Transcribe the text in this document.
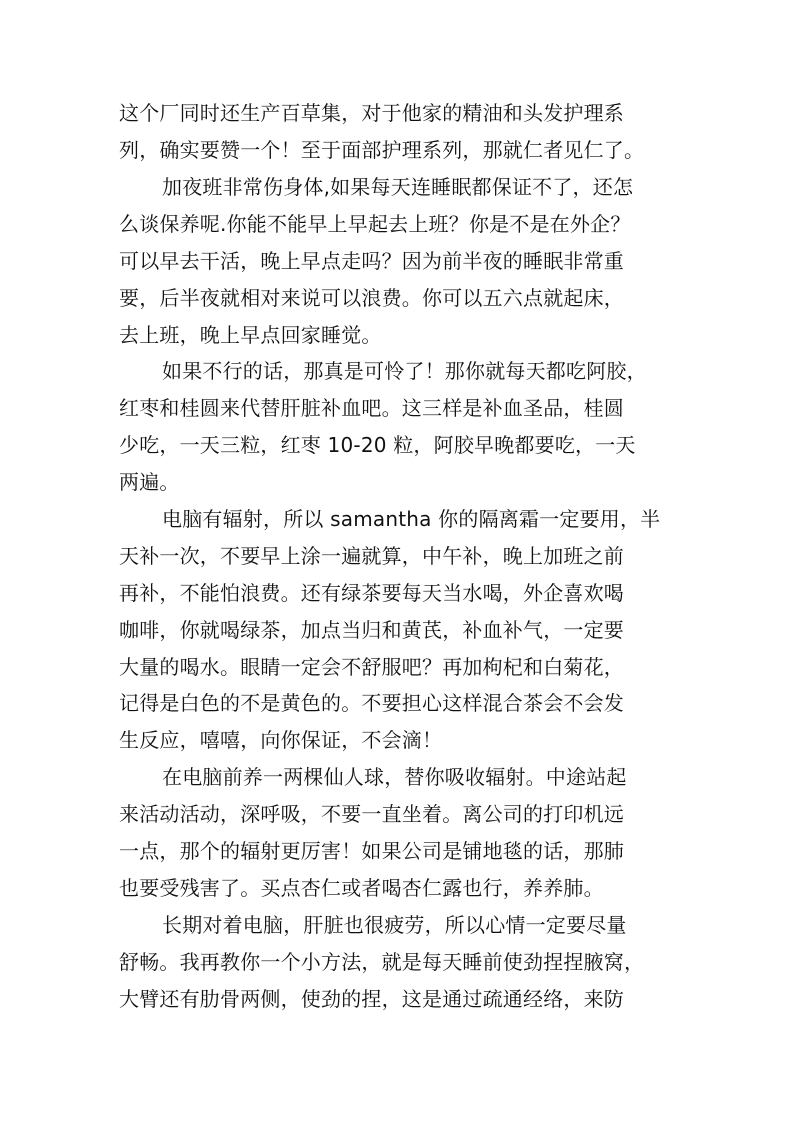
这个厂同时还生产百草集，对于他家的精油和头发护理系
列，确实要赞一个！至于面部护理系列，那就仁者见仁了。
加夜班非常伤身体,如果每天连睡眠都保证不了，还怎
么谈保养呢.你能不能早上早起去上班？你是不是在外企？
可以早去干活，晚上早点走吗？因为前半夜的睡眠非常重
要，后半夜就相对来说可以浪费。你可以五六点就起床，
去上班，晚上早点回家睡觉。
如果不行的话，那真是可怜了！那你就每天都吃阿胶，
红枣和桂圆来代替肝脏补血吧。这三样是补血圣品，桂圆
少吃，一天三粒，红枣 10-20 粒，阿胶早晚都要吃，一天
两遍。
电脑有辐射，所以 samantha 你的隔离霜一定要用，半
天补一次，不要早上涂一遍就算，中午补，晚上加班之前
再补，不能怕浪费。还有绿茶要每天当水喝，外企喜欢喝
咖啡，你就喝绿茶，加点当归和黄芪，补血补气，一定要
大量的喝水。眼睛一定会不舒服吧？再加枸杞和白菊花，
记得是白色的不是黄色的。不要担心这样混合茶会不会发
生反应，嘻嘻，向你保证，不会滴！
在电脑前养一两棵仙人球，替你吸收辐射。中途站起
来活动活动，深呼吸，不要一直坐着。离公司的打印机远
一点，那个的辐射更厉害！如果公司是铺地毯的话，那肺
也要受残害了。买点杏仁或者喝杏仁露也行，养养肺。
长期对着电脑，肝脏也很疲劳，所以心情一定要尽量
舒畅。我再教你一个小方法，就是每天睡前使劲捏捏腋窝，
大臂还有肋骨两侧，使劲的捏，这是通过疏通经络，来防
